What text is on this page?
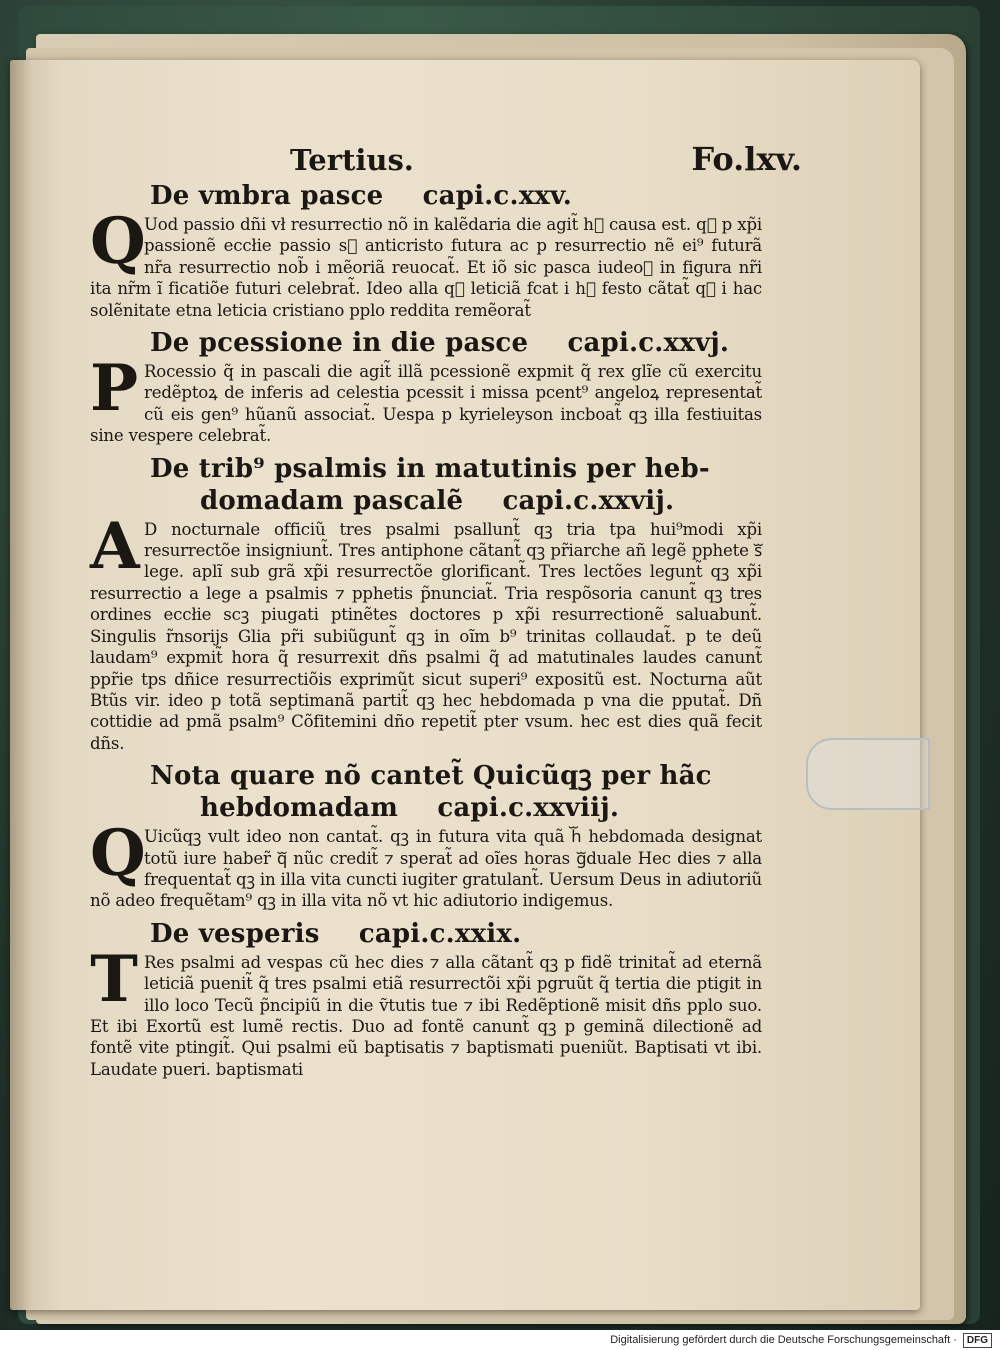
Tertius.	Fo.lxv.
De vmbra pasce capi.c.xxv.
Q
Uod passio dñi vł resurrectio nõ in kalẽdaria die agit̃ hᷓ causa est. qᷓ p xp̃i passionẽ eccłie passio sᷓ anticristo futura ac p resurrectio nẽ ei⁹ futurã nr̃a resurrectio nob̃ i mẽoriã reuocat̃. Et iõ sic pasca iudeoꝝ in figura nr̃i ita nr̃m ĩ ficatiõe futuri celebrat̃. Ideo alla qᷓ leticiã fcat i hᷓ festo cãtat̃ qꝫ i hac solẽnitate etna leticia cristiano pplo reddita remẽorat̃
De pcessione in die pasce capi.c.xxvj.
P Rocessio q̃ in pascali die agit̃ illã pcessionẽ expmit q̃ rex glĩe cũ exercitu redẽptoꝝ de inferis ad celestia pcessit i missa pcent⁹ angeloꝝ representat̃ cũ eis gen⁹ hũanũ associat̃. Uespa p kyrieleyson incboat̃ qꝫ illa festiuitas sine vespere celebrat̃.
De trib⁹ psalmis in matutinis per heb-
domadam pascalẽ capi.c.xxvij.
A D nocturnale officiũ tres psalmi psallunt̃ qꝫ tria tpa hui⁹modi xp̃i resurrectõe insigniunt̃. Tres antiphone cãtant̃ qꝫ pr̃iarche añ legẽ pphete sᷓ lege. aplĩ sub grã xp̃i resurrectõe glorificant̃. Tres lectões legunt̃ qꝫ xp̃i resurrectio a lege a psalmis ⁊ pphetis p̃nunciat̃. Tria respõsoria canunt̃ qꝫ tres ordines eccłie scꝫ piugati ptinẽtes doctores p xp̃i resurrectionẽ saluabunt̃. Singulis r̃nsorijs Glia pr̃i subiũgunt̃ qꝫ in oĩm b⁹ trinitas collaudat̃. p te deũ laudam⁹ expmit̃ hora q̃ resurrexit dñs psalmi q̃ ad matutinales laudes canunt̃ ppr̃ie tps dñice resurrectiõis exprimũt sicut superi⁹ expositũ est. Nocturna aũt Btũs vir. ideo p totã septimanã partit̃ qꝫ hec hebdomada p vna die pputat̃. Dñ cottidie ad pmã psalm⁹ Cõfitemini dño repetit̃ pter vsum. hec est dies quã fecit dñs.
Nota quare nõ cantet̃ Quicũqꝫ per hãc
hebdomadam capi.c.xxviij.
Q
Uicũqꝫ vult ideo non cantat̃. qꝫ in futura vita quã hᷓ hebdomada designat totũ iure haber̃ qᷓ nũc credit̃ ⁊ sperat̃ ad oĩes horas gᷓduale Hec dies ⁊ alla frequentat̃ qꝫ in illa vita cuncti iugiter gratulant̃. Uersum Deus in adiutoriũ nõ adeo frequẽtam⁹ qꝫ in illa vita nõ vt hic adiutorio indigemus.
De vesperis capi.c.xxix.
T Res psalmi ad vespas cũ hec dies ⁊ alla cãtant̃ qꝫ p fidẽ trinitat̃ ad eternã leticiã puenit̃ q̃ tres psalmi etiã resurrectõi xp̃i pgruũt q̃ tertia die ptigit in illo loco Tecũ p̃ncipiũ in die ṽtutis tue ⁊ ibi Redẽptionẽ misit dñs pplo suo. Et ibi Exortũ est lumẽ rectis. Duo ad fontẽ canunt̃ qꝫ p geminã dilectionẽ ad fontẽ vite ptingit̃. Qui psalmi eũ baptisatis ⁊ baptismati pueniũt. Baptisati vt ibi. Laudate pueri. baptismati
Digitalisierung gefördert durch die Deutsche Forschungsgemeinschaft ·	DFG
